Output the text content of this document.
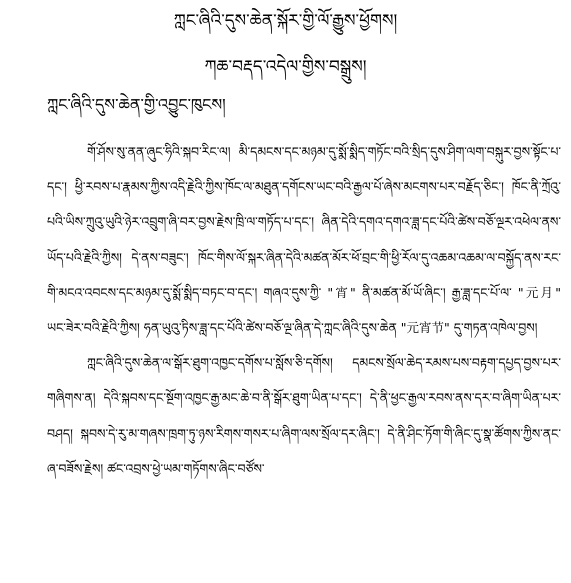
ཀླང་ཞིའི་དུས་ཆེན་སྐོར་གྱི་ལོ་རྒྱུས་ཕྱོགས།
ཀཆ་བརྡད་འདེལ་གྱིས་བསྒྲུས།
ཀླང་ཞིའི་དུས་ཆེན་གྱི་འབྱུང་ཁུངས།

གོ་ཤོས་སུ་ནན་ཞུང་ཧིའི་སྐབ་རིང་ལ། མི་དམངས་དང་མཉམ་དུ་སྨོ་སྨིད་གཏོང་བའི་སྲིད་དུས་ཤིག་ལག་བསྐུར་བྱས་སྟོང་པ་དང་། ཕྱི་རབས་པ་རྣམས་ཀྱིས་འདི་རྗེའི་ཀྱིས་ཁོང་ལ་མཐུན་དགོངས་ཡང་བའི་རྒྱལ་པོ་ཞེས་མངགས་པར་བརྗོད་ཅིང་། ཁོང་ནི་ཀྲོའུ་པའི་ཡིས་ཀྲུའུ་ཡུའི་ཉེར་འབྲུག་ཞི་བར་བྱས་རྗེས་ཁྲི་ལ་གཏོད་པ་དང་། ཞིན་དེའི་དགའ་དགའ་ཟླ་དང་པོའི་ཚེས་བཅོ་ལྔར་འཕེལ་ནས་ཡོད་པའི་རྗེའི་ཀྱིས། དེ་ནས་བཟུང་། ཁོང་གིས་ལོ་སྐར་ཞིན་དེའི་མཚན་མོར་ཕོ་བྲང་གི་ཕྱི་རོལ་དུ་འཆམ་འཆམ་ལ་བསྐྱོད་ནས་རང་གི་མངའ་འབངས་དང་མཉམ་དུ་སྨོ་སྨིད་བཏང་བ་དང་། གཞའ་དུས་ཀྱི་ "宵" ནི་མཚན་མོ་ཡོ་ཞིང་། རྒྱ་ཟླ་དང་པོ་ལ་ "元月" ཡང་ཟེར་བའི་རྗེའི་ཀྱིས། ཧན་ཡུའུ་ཏིས་ཟླ་དང་པོའི་ཚེས་བཅོ་ལྔ་ཞིན་དེ་ཀླང་ཞིའི་དུས་ཆེན "元宵节" དུ་གཏན་འཁེལ་བྱས།

ཀླང་ཞིའི་དུས་ཆེན་ལ་སྒོར་ཐུག་འཁྱང་དགོས་པ་སློས་ཅི་དགོས། དམངས་སྲོལ་ཆེད་རམས་པས་བརྟག་དཔྱད་བྱས་པར་གཞིགས་ན། དེའི་སྐབས་དང་སྔོག་འཁྱང་རྒྱ་མང་ཆེ་བ་ནི་སྒོར་ཐུག་ཡིན་པ་དང་། དེ་ནི་ཕྱང་རྒྱལ་རབས་ནས་དར་བ་ཞིག་ཡིན་པར་བཤད། སྐབས་དེ་རུ་མ་གཞས་ཁྲག་ཏུ་ཉས་རིགས་གསར་པ་ཞིག་ལས་སྲོལ་དར་ཞིང་། དེ་ནི་ཤིང་ཏོག་གི་ཞིང་དུ་སྣ་ཚོགས་ཀྱིས་ནང་ཞ་བཟོས་རྗེས། ཚང་འབྲས་ཕྱེ་ཡམ་གཏོགས་ཞིང་བཙོས་
